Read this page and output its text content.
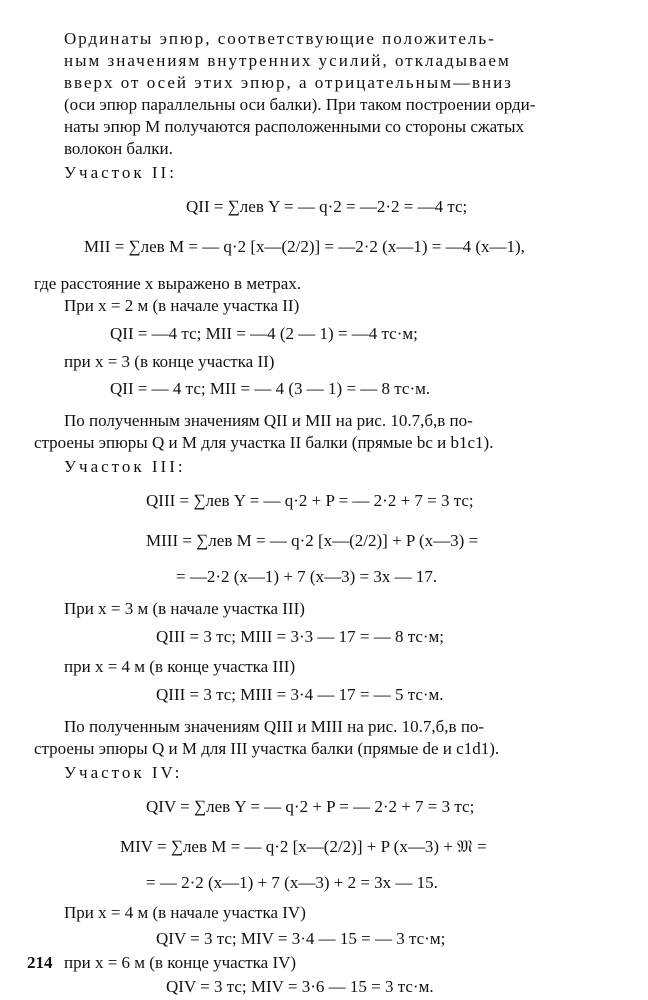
Ординаты эпюр, соответствующие положитель-
ным значениям внутренних усилий, откладываем
вверх от осей этих эпюр, а отрицательным—вниз
(оси эпюр параллельны оси балки). При таком построении орди-
наты эпюр M получаются расположенными со стороны сжатых
волокон балки.
Участок II:
QII = ∑лев Y = — q·2 = —2·2 = —4 тс;
MII = ∑лев M = — q·2 [x—(2/2)] = —2·2 (x—1) = —4 (x—1),
где расстояние x выражено в метрах.
При x = 2 м (в начале участка II)
QII = —4 тс; MII = —4 (2 — 1) = —4 тс·м;
при x = 3 (в конце участка II)
QII = — 4 тс; MII = — 4 (3 — 1) = — 8 тс·м.
По полученным значениям QII и MII на рис. 10.7,б,в по-
строены эпюры Q и M для участка II балки (прямые bc и b1c1).
Участок III:
QIII = ∑лев Y = — q·2 + P = — 2·2 + 7 = 3 тс;
MIII = ∑лев M = — q·2 [x—(2/2)] + P (x—3) =
= —2·2 (x—1) + 7 (x—3) = 3x — 17.
При x = 3 м (в начале участка III)
QIII = 3 тс; MIII = 3·3 — 17 = — 8 тс·м;
при x = 4 м (в конце участка III)
QIII = 3 тс; MIII = 3·4 — 17 = — 5 тс·м.
По полученным значениям QIII и MIII на рис. 10.7,б,в по-
строены эпюры Q и M для III участка балки (прямые de и c1d1).
Участок IV:
QIV = ∑лев Y = — q·2 + P = — 2·2 + 7 = 3 тс;
MIV = ∑лев M = — q·2 [x—(2/2)] + P (x—3) + 𝔐 =
= — 2·2 (x—1) + 7 (x—3) + 2 = 3x — 15.
При x = 4 м (в начале участка IV)
QIV = 3 тс; MIV = 3·4 — 15 = — 3 тс·м;
при x = 6 м (в конце участка IV)
QIV = 3 тс; MIV = 3·6 — 15 = 3 тс·м.
214
